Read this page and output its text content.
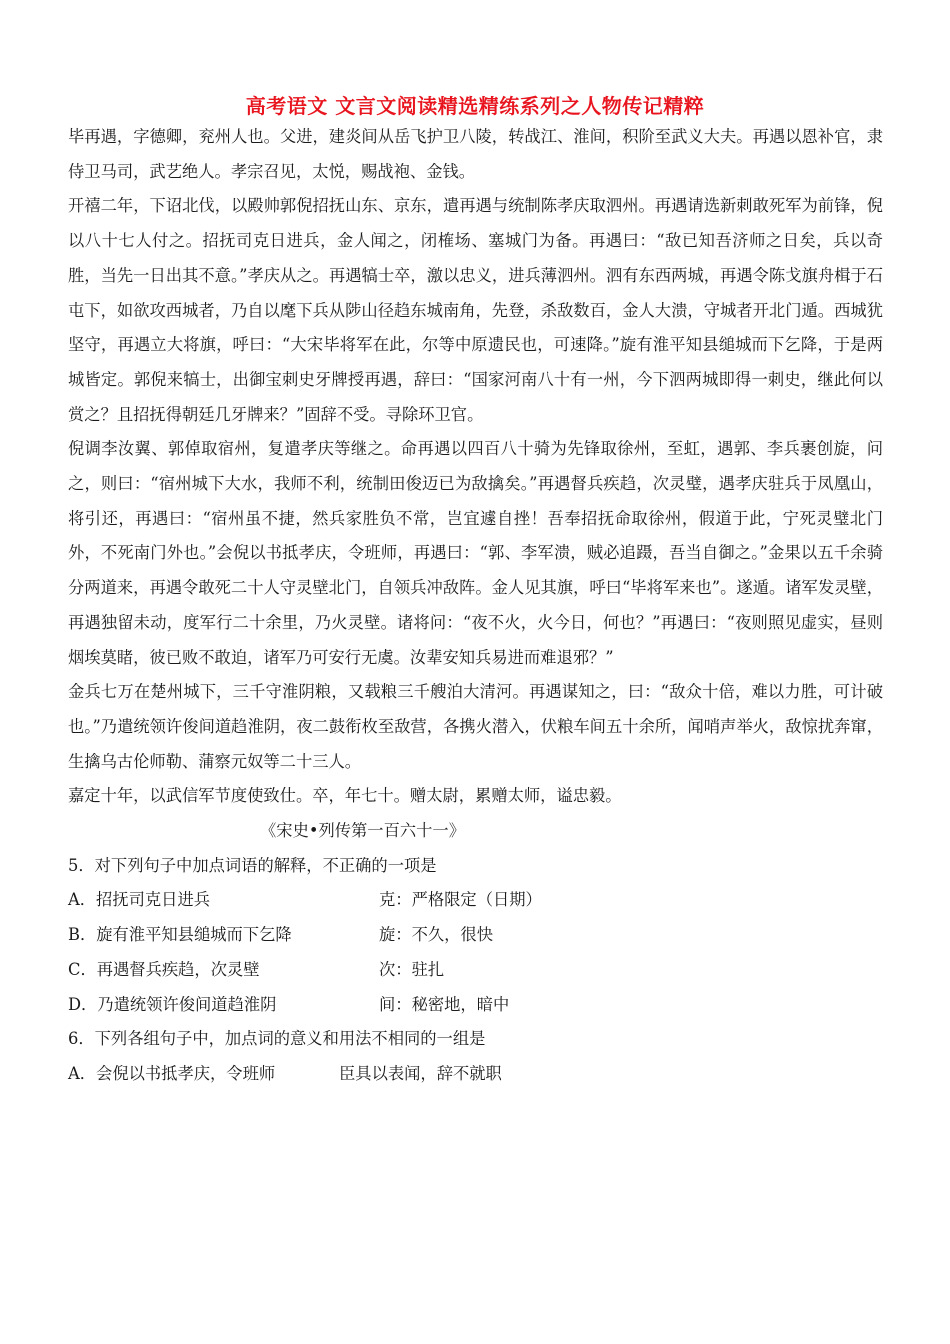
高考语文 文言文阅读精选精练系列之人物传记精粹

毕再遇，字德卿，兖州人也。父进，建炎间从岳飞护卫八陵，转战江、淮间，积阶至武义大夫。再遇以恩补官，隶侍卫马司，武艺绝人。孝宗召见，太悦，赐战袍、金钱。

开禧二年，下诏北伐，以殿帅郭倪招抚山东、京东，遣再遇与统制陈孝庆取泗州。再遇请选新刺敢死军为前锋，倪以八十七人付之。招抚司克日进兵，金人闻之，闭榷场、塞城门为备。再遇曰：“敌已知吾济师之日矣，兵以奇胜，当先一日出其不意。”孝庆从之。再遇犒士卒，激以忠义，进兵薄泗州。泗有东西两城，再遇令陈戈旗舟楫于石屯下，如欲攻西城者，乃自以麾下兵从陟山径趋东城南角，先登，杀敌数百，金人大溃，守城者开北门遁。西城犹坚守，再遇立大将旗，呼曰：“大宋毕将军在此，尔等中原遗民也，可速降。”旋有淮平知县缒城而下乞降，于是两城皆定。郭倪来犒士，出御宝刺史牙牌授再遇，辞曰：“国家河南八十有一州，今下泗两城即得一刺史，继此何以赏之？且招抚得朝廷几牙牌来？”固辞不受。寻除环卫官。

倪调李汝翼、郭倬取宿州，复遣孝庆等继之。命再遇以四百八十骑为先锋取徐州，至虹，遇郭、李兵裹创旋，问之，则曰：“宿州城下大水，我师不利，统制田俊迈已为敌擒矣。”再遇督兵疾趋，次灵璧，遇孝庆驻兵于凤凰山，将引还，再遇曰：“宿州虽不捷，然兵家胜负不常，岂宜遽自挫！吾奉招抚命取徐州，假道于此，宁死灵璧北门外，不死南门外也。”会倪以书抵孝庆，令班师，再遇曰：“郭、李军溃，贼必追蹑，吾当自御之。”金果以五千余骑分两道来，再遇令敢死二十人守灵壁北门，自领兵冲敌阵。金人见其旗，呼曰“毕将军来也”。遂遁。诸军发灵壁，再遇独留未动，度军行二十余里，乃火灵壁。诸将问：“夜不火，火今日，何也？”再遇曰：“夜则照见虚实，昼则烟埃莫睹，彼已败不敢迫，诸军乃可安行无虞。汝辈安知兵易进而难退邪？”

金兵七万在楚州城下，三千守淮阴粮，又载粮三千艘泊大清河。再遇谋知之，曰：“敌众十倍，难以力胜，可计破也。”乃遣统领许俊间道趋淮阴，夜二鼓衔枚至敌营，各携火潜入，伏粮车间五十余所，闻哨声举火，敌惊扰奔窜，生擒乌古伦师勒、蒲察元奴等二十三人。

嘉定十年，以武信军节度使致仕。卒，年七十。赠太尉，累赠太师，谥忠毅。

《宋史•列传第一百六十一》

5．对下列句子中加点词语的解释，不正确的一项是

A．招抚司克日进兵	克：严格限定（日期）
B．旋有淮平知县缒城而下乞降	旋：不久，很快
C．再遇督兵疾趋，次灵壁	次：驻扎
D．乃遣统领许俊间道趋淮阴	间：秘密地，暗中

6．下列各组句子中，加点词的意义和用法不相同的一组是

A．会倪以书抵孝庆，令班师	臣具以表闻，辞不就职
